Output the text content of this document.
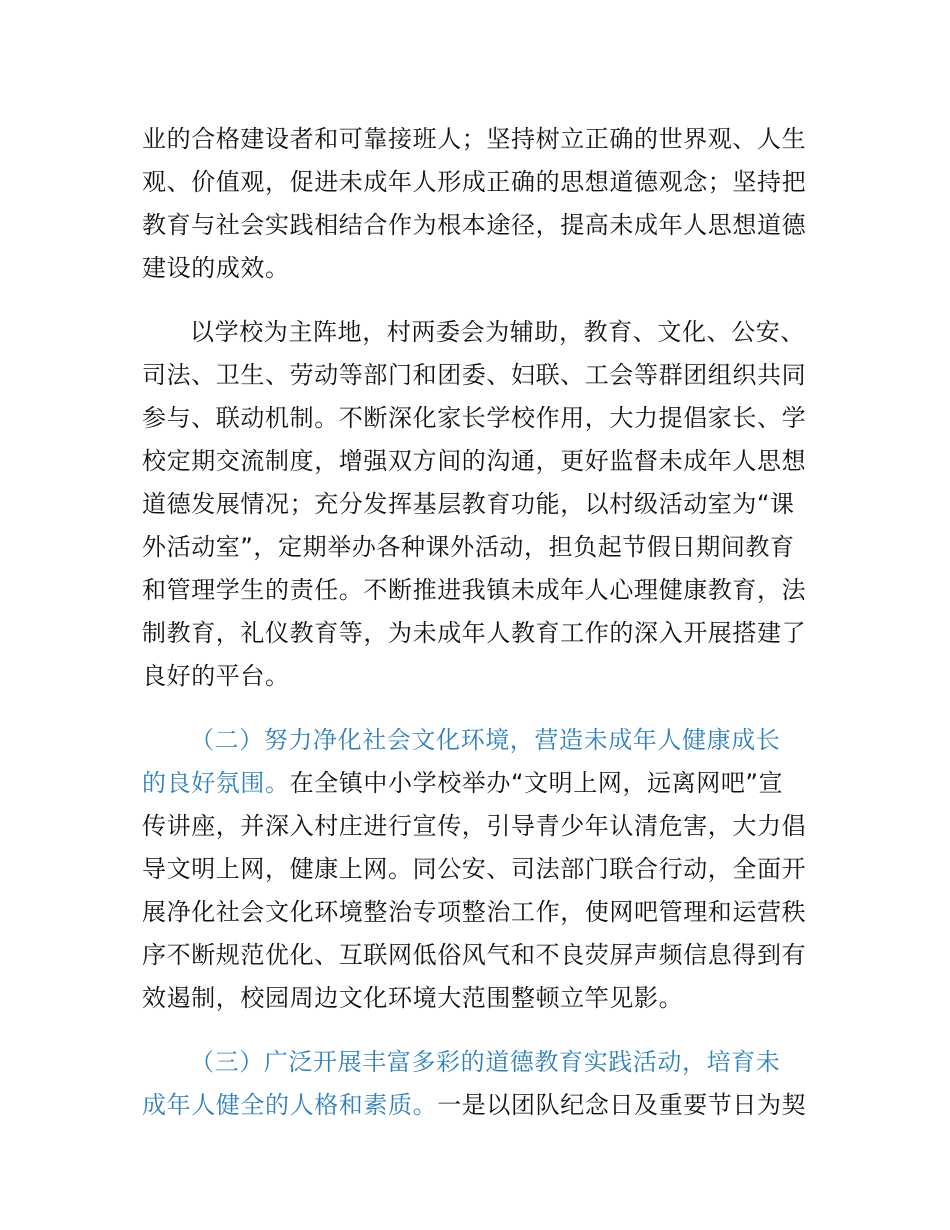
业的合格建设者和可靠接班人；坚持树立正确的世界观、人生
观、价值观，促进未成年人形成正确的思想道德观念；坚持把
教育与社会实践相结合作为根本途径，提高未成年人思想道德
建设的成效。
以学校为主阵地，村两委会为辅助，教育、文化、公安、
司法、卫生、劳动等部门和团委、妇联、工会等群团组织共同
参与、联动机制。不断深化家长学校作用，大力提倡家长、学
校定期交流制度，增强双方间的沟通，更好监督未成年人思想
道德发展情况；充分发挥基层教育功能，以村级活动室为“课
外活动室”，定期举办各种课外活动，担负起节假日期间教育
和管理学生的责任。不断推进我镇未成年人心理健康教育，法
制教育，礼仪教育等，为未成年人教育工作的深入开展搭建了
良好的平台。
（二）努力净化社会文化环境，营造未成年人健康成长
的良好氛围。在全镇中小学校举办“文明上网，远离网吧”宣
传讲座，并深入村庄进行宣传，引导青少年认清危害，大力倡
导文明上网，健康上网。同公安、司法部门联合行动，全面开
展净化社会文化环境整治专项整治工作，使网吧管理和运营秩
序不断规范优化、互联网低俗风气和不良荧屏声频信息得到有
效遏制，校园周边文化环境大范围整顿立竿见影。
（三）广泛开展丰富多彩的道德教育实践活动，培育未
成年人健全的人格和素质。一是以团队纪念日及重要节日为契
